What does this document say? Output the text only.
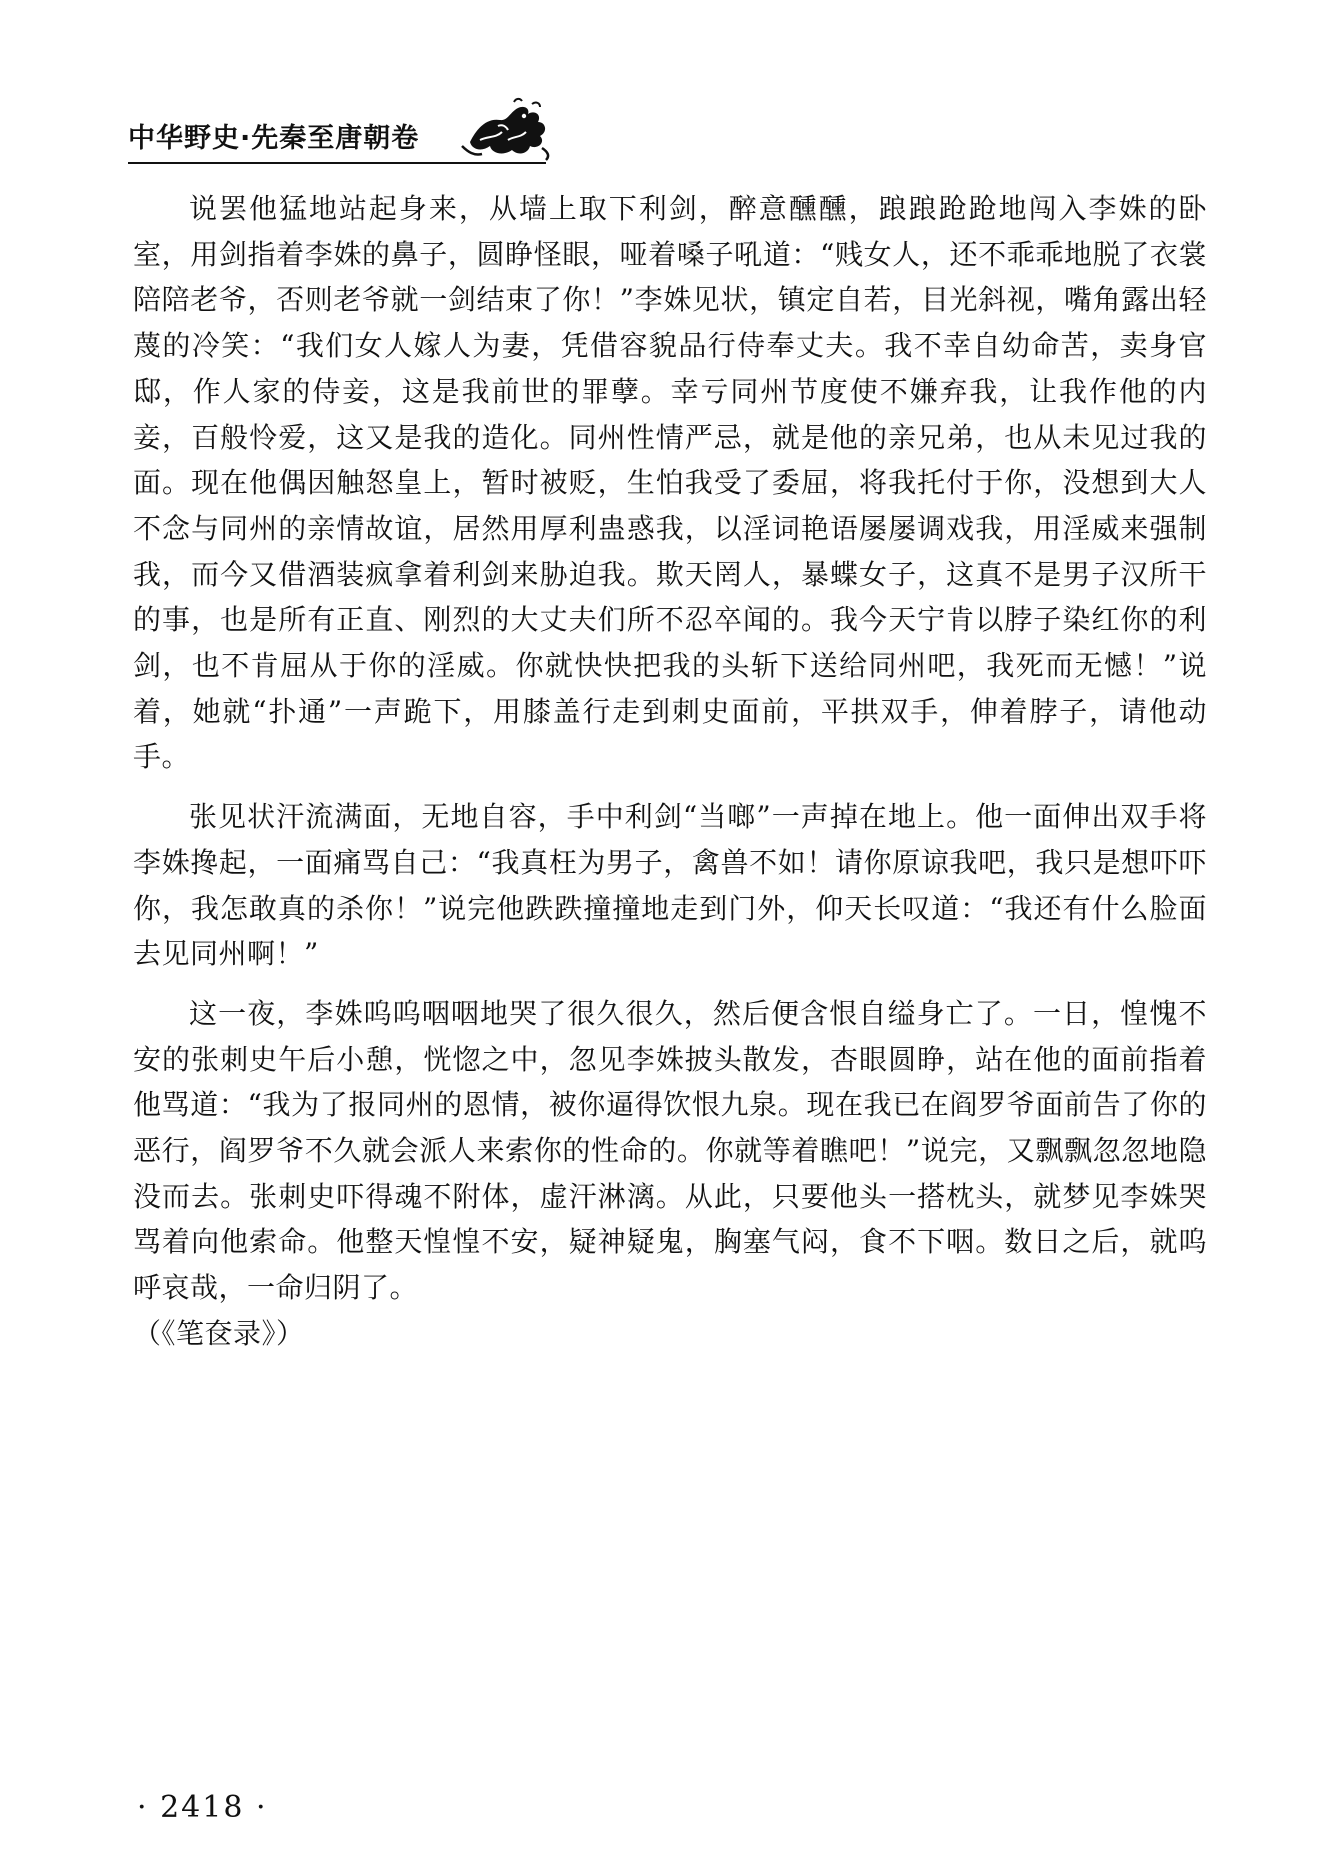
中华野史·先秦至唐朝卷

说罢他猛地站起身来，从墙上取下利剑，醉意醺醺，踉踉跄跄地闯入李姝的卧室，用剑指着李姝的鼻子，圆睁怪眼，哑着嗓子吼道：“贱女人，还不乖乖地脱了衣裳陪陪老爷，否则老爷就一剑结束了你！”李姝见状，镇定自若，目光斜视，嘴角露出轻蔑的冷笑：“我们女人嫁人为妻，凭借容貌品行侍奉丈夫。我不幸自幼命苦，卖身官邸，作人家的侍妾，这是我前世的罪孽。幸亏同州节度使不嫌弃我，让我作他的内妾，百般怜爱，这又是我的造化。同州性情严忌，就是他的亲兄弟，也从未见过我的面。现在他偶因触怒皇上，暂时被贬，生怕我受了委屈，将我托付于你，没想到大人不念与同州的亲情故谊，居然用厚利蛊惑我，以淫词艳语屡屡调戏我，用淫威来强制我，而今又借酒装疯拿着利剑来胁迫我。欺天罔人，暴蝶女子，这真不是男子汉所干的事，也是所有正直、刚烈的大丈夫们所不忍卒闻的。我今天宁肯以脖子染红你的利剑，也不肯屈从于你的淫威。你就快快把我的头斩下送给同州吧，我死而无憾！”说着，她就“扑通”一声跪下，用膝盖行走到刺史面前，平拱双手，伸着脖子，请他动手。

张见状汗流满面，无地自容，手中利剑“当啷”一声掉在地上。他一面伸出双手将李姝搀起，一面痛骂自己：“我真枉为男子，禽兽不如！请你原谅我吧，我只是想吓吓你，我怎敢真的杀你！”说完他跌跌撞撞地走到门外，仰天长叹道：“我还有什么脸面去见同州啊！”

这一夜，李姝呜呜咽咽地哭了很久很久，然后便含恨自缢身亡了。一日，惶愧不安的张刺史午后小憩，恍惚之中，忽见李姝披头散发，杏眼圆睁，站在他的面前指着他骂道：“我为了报同州的恩情，被你逼得饮恨九泉。现在我已在阎罗爷面前告了你的恶行，阎罗爷不久就会派人来索你的性命的。你就等着瞧吧！”说完，又飘飘忽忽地隐没而去。张刺史吓得魂不附体，虚汗淋漓。从此，只要他头一搭枕头，就梦见李姝哭骂着向他索命。他整天惶惶不安，疑神疑鬼，胸塞气闷，食不下咽。数日之后，就呜呼哀哉，一命归阴了。

（《笔奁录》）

· 2418 ·
